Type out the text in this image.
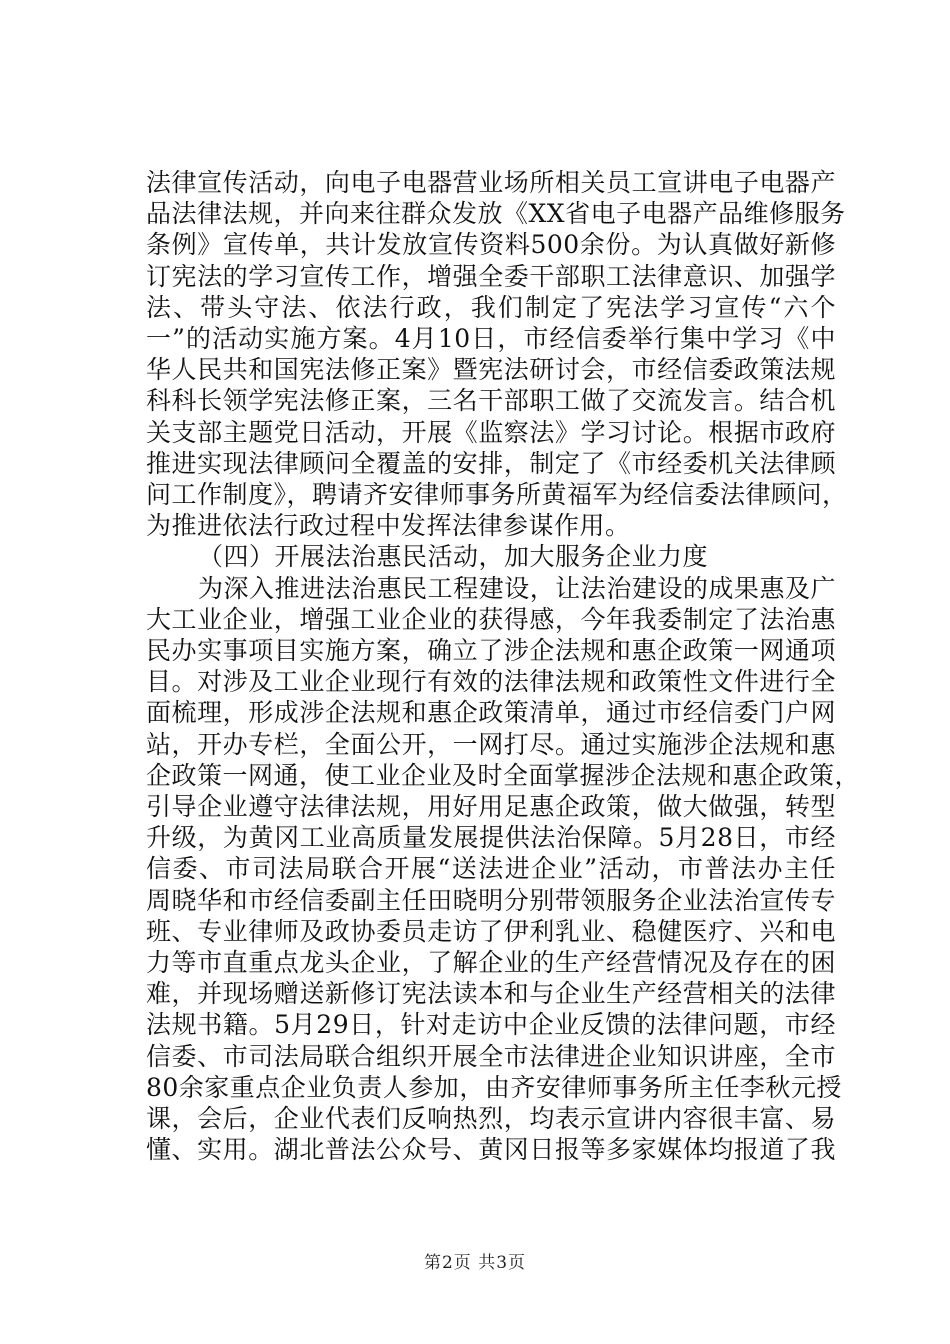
法律宣传活动，向电子电器营业场所相关员工宣讲电子电器产
品法律法规，并向来往群众发放《XX省电子电器产品维修服务
条例》宣传单，共计发放宣传资料500余份。为认真做好新修
订宪法的学习宣传工作，增强全委干部职工法律意识、加强学
法、带头守法、依法行政，我们制定了宪法学习宣传“六个
一”的活动实施方案。4月10日，市经信委举行集中学习《中
华人民共和国宪法修正案》暨宪法研讨会，市经信委政策法规
科科长领学宪法修正案，三名干部职工做了交流发言。结合机
关支部主题党日活动，开展《监察法》学习讨论。根据市政府
推进实现法律顾问全覆盖的安排，制定了《市经委机关法律顾
问工作制度》，聘请齐安律师事务所黄福军为经信委法律顾问，
为推进依法行政过程中发挥法律参谋作用。
（四）开展法治惠民活动，加大服务企业力度
为深入推进法治惠民工程建设，让法治建设的成果惠及广
大工业企业，增强工业企业的获得感，今年我委制定了法治惠
民办实事项目实施方案，确立了涉企法规和惠企政策一网通项
目。对涉及工业企业现行有效的法律法规和政策性文件进行全
面梳理，形成涉企法规和惠企政策清单，通过市经信委门户网
站，开办专栏，全面公开，一网打尽。通过实施涉企法规和惠
企政策一网通，使工业企业及时全面掌握涉企法规和惠企政策，
引导企业遵守法律法规，用好用足惠企政策，做大做强，转型
升级，为黄冈工业高质量发展提供法治保障。5月28日，市经
信委、市司法局联合开展“送法进企业”活动，市普法办主任
周晓华和市经信委副主任田晓明分别带领服务企业法治宣传专
班、专业律师及政协委员走访了伊利乳业、稳健医疗、兴和电
力等市直重点龙头企业，了解企业的生产经营情况及存在的困
难，并现场赠送新修订宪法读本和与企业生产经营相关的法律
法规书籍。5月29日，针对走访中企业反馈的法律问题，市经
信委、市司法局联合组织开展全市法律进企业知识讲座，全市
80余家重点企业负责人参加，由齐安律师事务所主任李秋元授
课，会后，企业代表们反响热烈，均表示宣讲内容很丰富、易
懂、实用。湖北普法公众号、黄冈日报等多家媒体均报道了我
第2页 共3页
